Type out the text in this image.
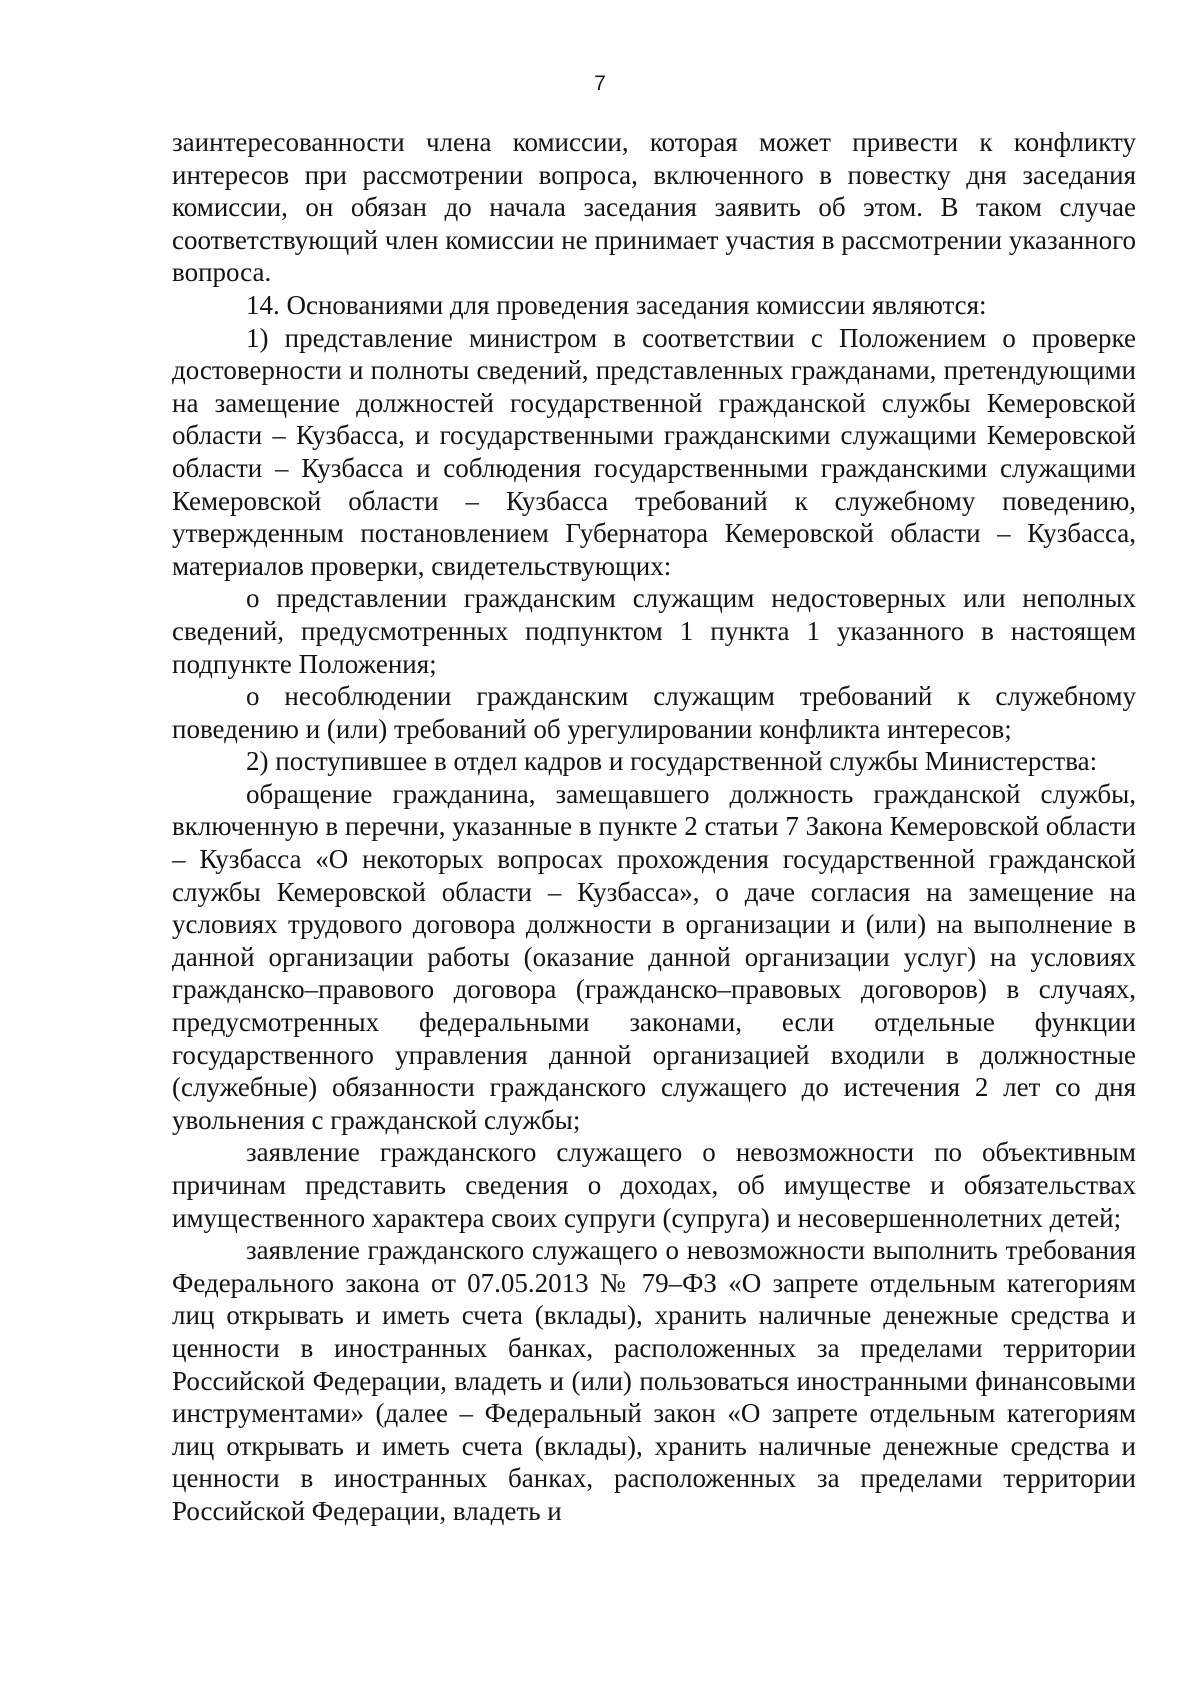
7

заинтересованности члена комиссии, которая может привести к конфликту интересов при рассмотрении вопроса, включенного в повестку дня заседания комиссии, он обязан до начала заседания заявить об этом. В таком случае соответствующий член комиссии не принимает участия в рассмотрении указанного вопроса.

14. Основаниями для проведения заседания комиссии являются:

1) представление министром в соответствии с Положением о проверке достоверности и полноты сведений, представленных гражданами, претендующими на замещение должностей государственной гражданской службы Кемеровской области – Кузбасса, и государственными гражданскими служащими Кемеровской области – Кузбасса и соблюдения государственными гражданскими служащими Кемеровской области – Кузбасса требований к служебному поведению, утвержденным постановлением Губернатора Кемеровской области – Кузбасса, материалов проверки, свидетельствующих:

о представлении гражданским служащим недостоверных или неполных сведений, предусмотренных подпунктом 1 пункта 1 указанного в настоящем подпункте Положения;

о несоблюдении гражданским служащим требований к служебному поведению и (или) требований об урегулировании конфликта интересов;

2) поступившее в отдел кадров и государственной службы Министерства:

обращение гражданина, замещавшего должность гражданской службы, включенную в перечни, указанные в пункте 2 статьи 7 Закона Кемеровской области – Кузбасса «О некоторых вопросах прохождения государственной гражданской службы Кемеровской области – Кузбасса», о даче согласия на замещение на условиях трудового договора должности в организации и (или) на выполнение в данной организации работы (оказание данной организации услуг) на условиях гражданско–правового договора (гражданско–правовых договоров) в случаях, предусмотренных федеральными законами, если отдельные функции государственного управления данной организацией входили в должностные (служебные) обязанности гражданского служащего до истечения 2 лет со дня увольнения с гражданской службы;

заявление гражданского служащего о невозможности по объективным причинам представить сведения о доходах, об имуществе и обязательствах имущественного характера своих супруги (супруга) и несовершеннолетних детей;

заявление гражданского служащего о невозможности выполнить требования Федерального закона от 07.05.2013 № 79–ФЗ «О запрете отдельным категориям лиц открывать и иметь счета (вклады), хранить наличные денежные средства и ценности в иностранных банках, расположенных за пределами территории Российской Федерации, владеть и (или) пользоваться иностранными финансовыми инструментами» (далее – Федеральный закон «О запрете отдельным категориям лиц открывать и иметь счета (вклады), хранить наличные денежные средства и ценности в иностранных банках, расположенных за пределами территории Российской Федерации, владеть и
